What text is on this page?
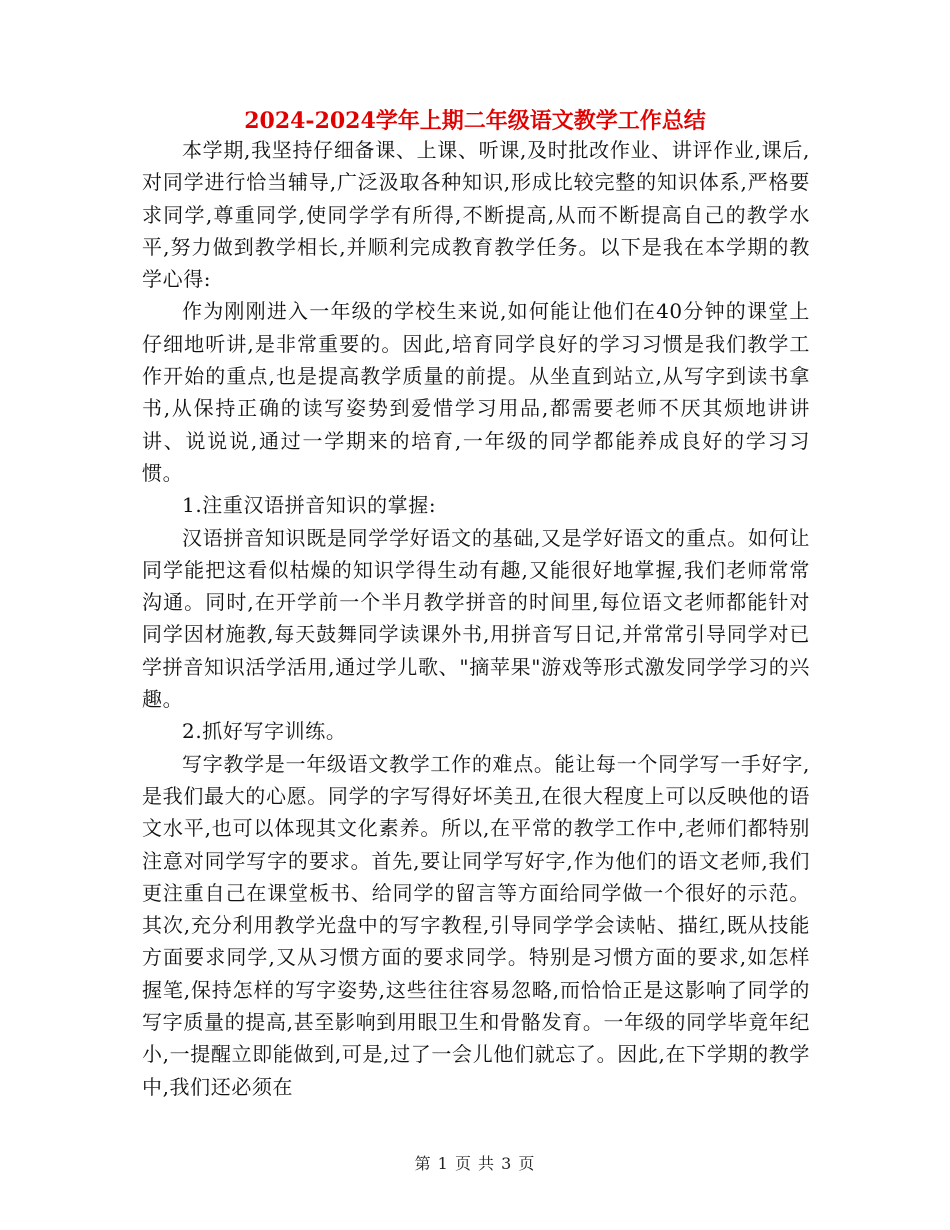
2024-2024学年上期二年级语文教学工作总结

本学期,我坚持仔细备课、上课、听课,及时批改作业、讲评作业,课后,对同学进行恰当辅导,广泛汲取各种知识,形成比较完整的知识体系,严格要求同学,尊重同学,使同学学有所得,不断提高,从而不断提高自己的教学水平,努力做到教学相长,并顺利完成教育教学任务。以下是我在本学期的教学心得:

作为刚刚进入一年级的学校生来说,如何能让他们在40分钟的课堂上仔细地听讲,是非常重要的。因此,培育同学良好的学习习惯是我们教学工作开始的重点,也是提高教学质量的前提。从坐直到站立,从写字到读书拿书,从保持正确的读写姿势到爱惜学习用品,都需要老师不厌其烦地讲讲讲、说说说,通过一学期来的培育,一年级的同学都能养成良好的学习习惯。

1.注重汉语拼音知识的掌握:

汉语拼音知识既是同学学好语文的基础,又是学好语文的重点。如何让同学能把这看似枯燥的知识学得生动有趣,又能很好地掌握,我们老师常常沟通。同时,在开学前一个半月教学拼音的时间里,每位语文老师都能针对同学因材施教,每天鼓舞同学读课外书,用拼音写日记,并常常引导同学对已学拼音知识活学活用,通过学儿歌、"摘苹果"游戏等形式激发同学学习的兴趣。

2.抓好写字训练。

写字教学是一年级语文教学工作的难点。能让每一个同学写一手好字,是我们最大的心愿。同学的字写得好坏美丑,在很大程度上可以反映他的语文水平,也可以体现其文化素养。所以,在平常的教学工作中,老师们都特别注意对同学写字的要求。首先,要让同学写好字,作为他们的语文老师,我们更注重自己在课堂板书、给同学的留言等方面给同学做一个很好的示范。其次,充分利用教学光盘中的写字教程,引导同学学会读帖、描红,既从技能方面要求同学,又从习惯方面的要求同学。特别是习惯方面的要求,如怎样握笔,保持怎样的写字姿势,这些往往容易忽略,而恰恰正是这影响了同学的写字质量的提高,甚至影响到用眼卫生和骨骼发育。一年级的同学毕竟年纪小,一提醒立即能做到,可是,过了一会儿他们就忘了。因此,在下学期的教学中,我们还必须在

第 1 页 共 3 页
